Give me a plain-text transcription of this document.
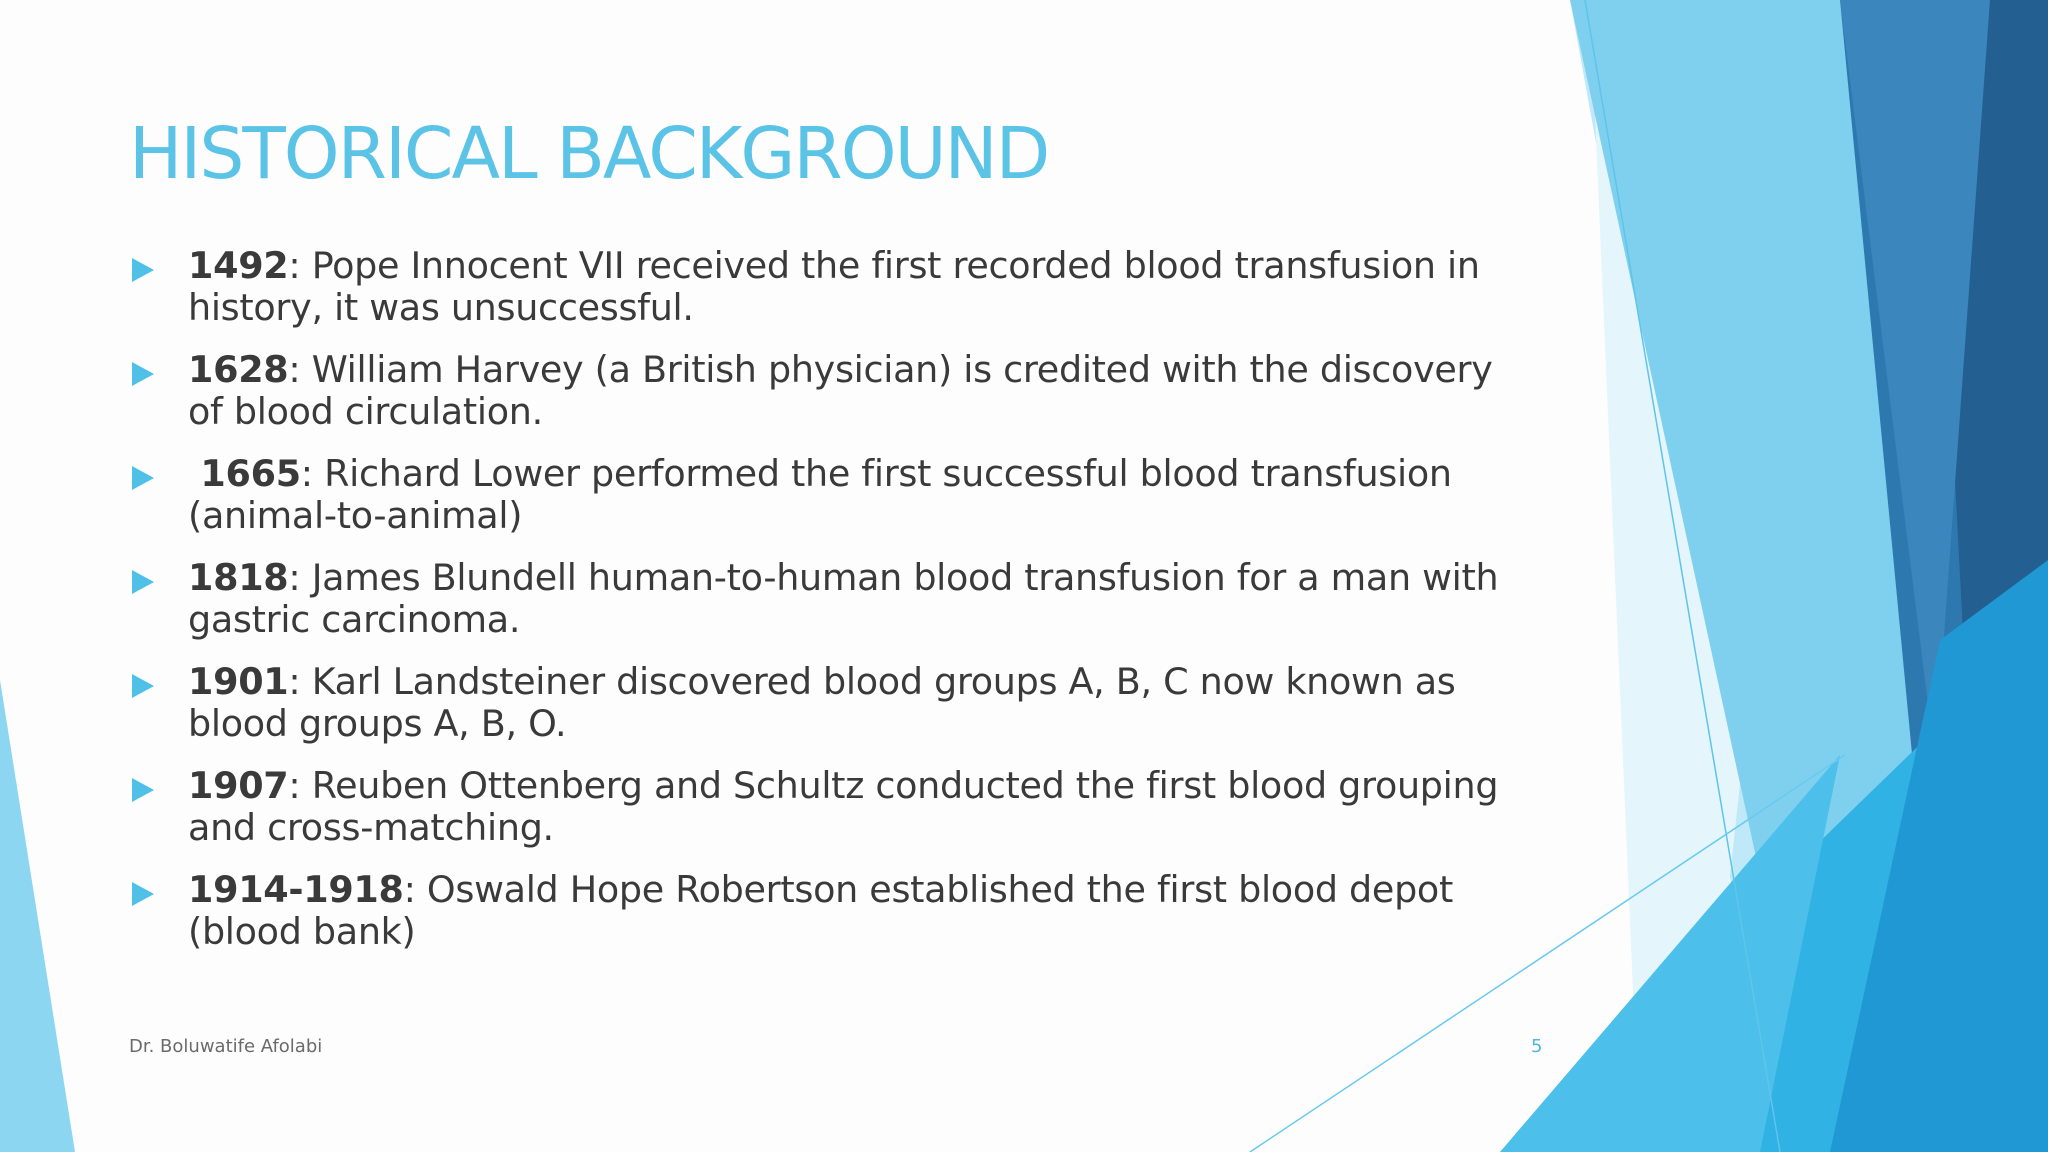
HISTORICAL BACKGROUND
1492: Pope Innocent VII received the first recorded blood transfusion in history, it was unsuccessful.
1628: William Harvey (a British physician) is credited with the discovery of blood circulation.
1665: Richard Lower performed the first successful blood transfusion (animal-to-animal)
1818: James Blundell human-to-human blood transfusion for a man with gastric carcinoma.
1901: Karl Landsteiner discovered blood groups A, B, C now known as blood groups A, B, O.
1907: Reuben Ottenberg and Schultz conducted the first blood grouping and cross-matching.
1914-1918: Oswald Hope Robertson established the first blood depot (blood bank)
Dr. Boluwatife Afolabi	5
